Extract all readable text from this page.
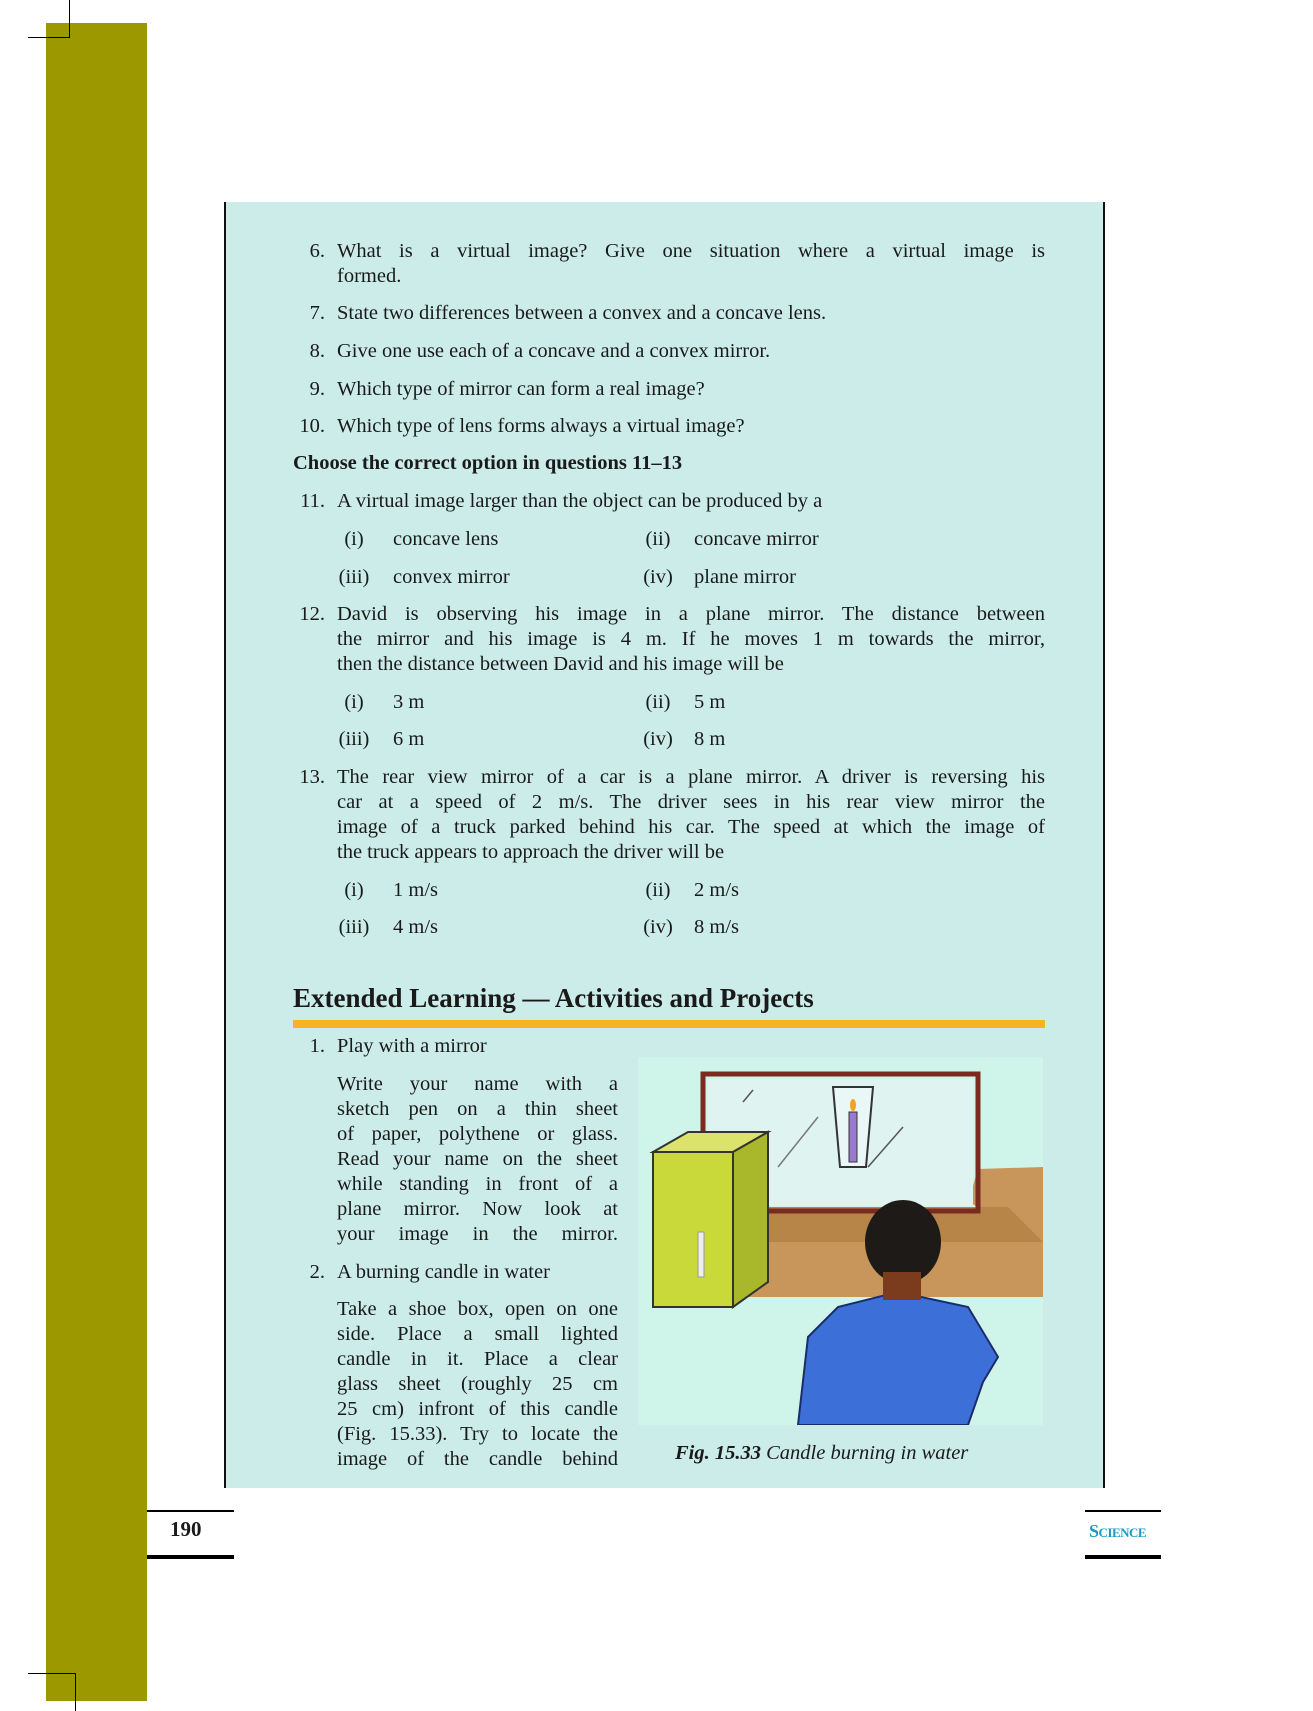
6. What is a virtual image? Give one situation where a virtual image is
formed.
7. State two differences between a convex and a concave lens.
8. Give one use each of a concave and a convex mirror.
9. Which type of mirror can form a real image?
10. Which type of lens forms always a virtual image?
11. A virtual image larger than the object can be produced by a
(i)	concave lens	(ii) concave mirror
(iii) convex mirror	(iv) plane mirror
12. David is observing his image in a plane mirror. The distance between
the mirror and his image is 4 m. If he moves 1 m towards the mirror,
then the distance between David and his image will be
(i)	3 m	(ii) 5 m
(iii) 6 m	(iv) 8 m
13. The rear view mirror of a car is a plane mirror. A driver is reversing his
car at a speed of 2 m/s. The driver sees in his rear view mirror the
image of a truck parked behind his car. The speed at which the image of
the truck appears to approach the driver will be
(i)	1 m/s	(ii) 2 m/s
(iii) 4 m/s	(iv) 8 m/s
1. Play with a mirror
Write your name with a
sketch pen on a thin sheet
of paper, polythene or glass.
Read your name on the sheet
while standing in front of a
plane mirror. Now look at
your image in the mirror.
2. A burning candle in water
Take a shoe box, open on one
side. Place a small lighted
candle in it. Place a clear
glass sheet (roughly 25 cm
25 cm) infront of this candle
(Fig. 15.33). Try to locate the
image of the candle behind
Choose the correct option in questions 11–13
Extended Learning — Activities and Projects
Fig. 15.33 Candle burning in water
190	Science
